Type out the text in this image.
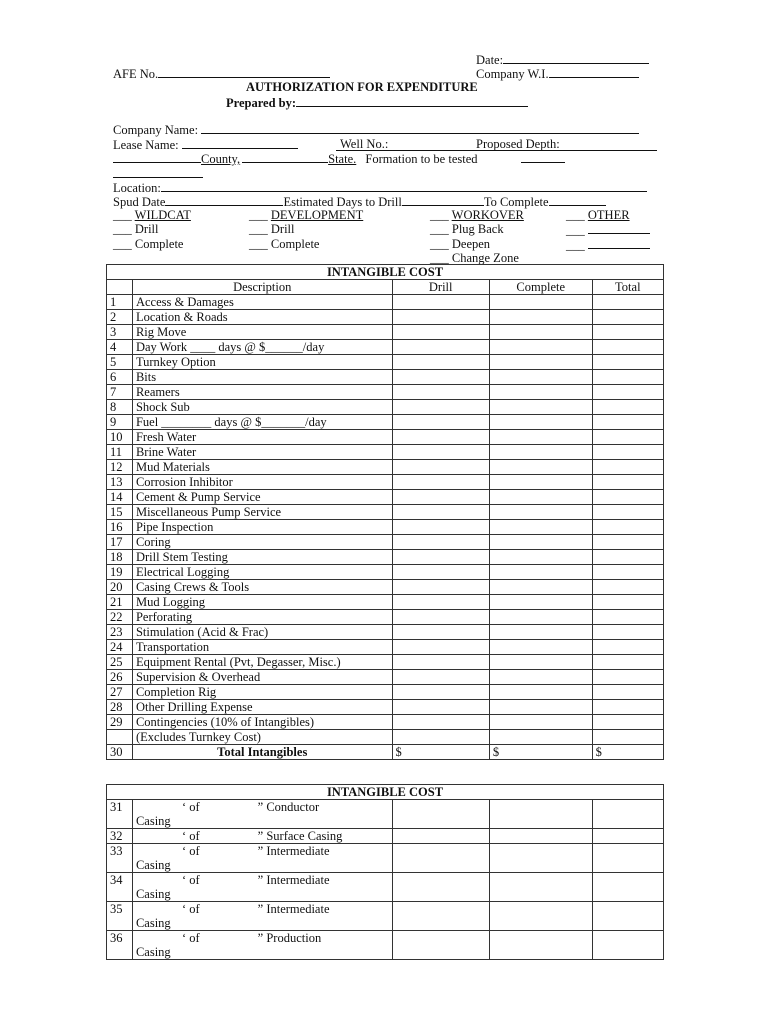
Date:
AFE No.	Company W.I.
AUTHORIZATION FOR EXPENDITURE
Prepared by:
Company Name:
Lease Name:	Well No.:	Proposed Depth:
County,	State. Formation to be tested
Location:
Spud Date	Estimated Days to Drill	To Complete
___ WILDCAT
___ Drill
___ Complete
___ DEVELOPMENT
___ Drill
___ Complete
___ WORKOVER
___ Plug Back
___ Deepen
___ Change Zone
___ OTHER
___
___
INTANGIBLE COST				
	Description	Drill	Complete	Total
1	Access & Damages			
2	Location & Roads			
3	Rig Move			
4	Day Work ____ days @ $______/day			
5	Turnkey Option			
6	Bits			
7	Reamers			
8	Shock Sub			
9	Fuel ________ days @ $_______/day			
10	Fresh Water			
11	Brine Water			
12	Mud Materials			
13	Corrosion Inhibitor			
14	Cement & Pump Service			
15	Miscellaneous Pump Service			
16	Pipe Inspection			
17	Coring			
18	Drill Stem Testing			
19	Electrical Logging			
20	Casing Crews & Tools			
21	Mud Logging			
22	Perforating			
23	Stimulation (Acid & Frac)			
24	Transportation			
25	Equipment Rental (Pvt, Degasser, Misc.)			
26	Supervision & Overhead			
27	Completion Rig			
28	Other Drilling Expense			
29	Contingencies (10% of Intangibles)			
	(Excludes Turnkey Cost)			
30	Total Intangibles	$	$	$
INTANGIBLE COST				
31	‘ of ” Conductor
Casing			

32	‘ of ” Surface Casing			

33	‘ of ” Intermediate
Casing			

34	‘ of ” Intermediate
Casing			

35	‘ of ” Intermediate
Casing			

36	‘ of ” Production
Casing			
